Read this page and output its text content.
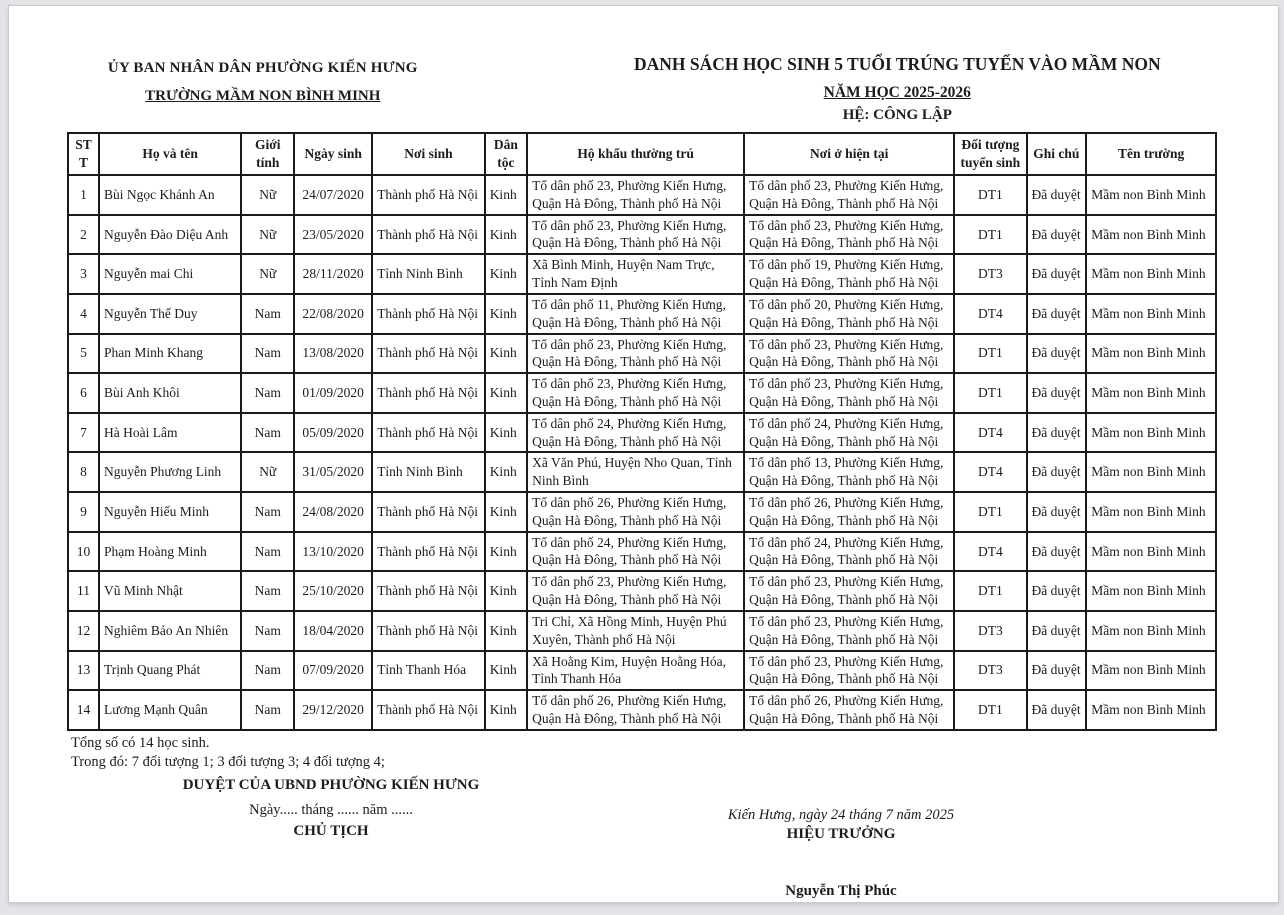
ỦY BAN NHÂN DÂN PHƯỜNG KIẾN HƯNG
TRƯỜNG MẦM NON BÌNH MINH
DANH SÁCH HỌC SINH 5 TUỔI TRÚNG TUYỂN VÀO MẦM NON
NĂM HỌC 2025-2026
HỆ: CÔNG LẬP
STT	Họ và tên	Giới tính	Ngày sinh	Nơi sinh	Dân tộc	Hộ khẩu thường trú	Nơi ở hiện tại	Đối tượng tuyển sinh	Ghi chú	Tên trường
1	Bùi Ngọc Khánh An	Nữ	24/07/2020	Thành phố Hà Nội	Kinh	Tổ dân phố 23, Phường Kiến Hưng, Quận Hà Đông, Thành phố Hà Nội	Tổ dân phố 23, Phường Kiến Hưng, Quận Hà Đông, Thành phố Hà Nội	DT1	Đã duyệt	Mầm non Bình Minh
2	Nguyễn Đào Diệu Anh	Nữ	23/05/2020	Thành phố Hà Nội	Kinh	Tổ dân phố 23, Phường Kiến Hưng, Quận Hà Đông, Thành phố Hà Nội	Tổ dân phố 23, Phường Kiến Hưng, Quận Hà Đông, Thành phố Hà Nội	DT1	Đã duyệt	Mầm non Bình Minh
3	Nguyễn mai Chi	Nữ	28/11/2020	Tỉnh Ninh Bình	Kinh	Xã Bình Minh, Huyện Nam Trực, Tỉnh Nam Định	Tổ dân phố 19, Phường Kiến Hưng, Quận Hà Đông, Thành phố Hà Nội	DT3	Đã duyệt	Mầm non Bình Minh
4	Nguyễn Thế Duy	Nam	22/08/2020	Thành phố Hà Nội	Kinh	Tổ dân phố 11, Phường Kiến Hưng, Quận Hà Đông, Thành phố Hà Nội	Tổ dân phố 20, Phường Kiến Hưng, Quận Hà Đông, Thành phố Hà Nội	DT4	Đã duyệt	Mầm non Bình Minh
5	Phan Minh Khang	Nam	13/08/2020	Thành phố Hà Nội	Kinh	Tổ dân phố 23, Phường Kiến Hưng, Quận Hà Đông, Thành phố Hà Nội	Tổ dân phố 23, Phường Kiến Hưng, Quận Hà Đông, Thành phố Hà Nội	DT1	Đã duyệt	Mầm non Bình Minh
6	Bùi Anh Khôi	Nam	01/09/2020	Thành phố Hà Nội	Kinh	Tổ dân phố 23, Phường Kiến Hưng, Quận Hà Đông, Thành phố Hà Nội	Tổ dân phố 23, Phường Kiến Hưng, Quận Hà Đông, Thành phố Hà Nội	DT1	Đã duyệt	Mầm non Bình Minh
7	Hà Hoài Lâm	Nam	05/09/2020	Thành phố Hà Nội	Kinh	Tổ dân phố 24, Phường Kiến Hưng, Quận Hà Đông, Thành phố Hà Nội	Tổ dân phố 24, Phường Kiến Hưng, Quận Hà Đông, Thành phố Hà Nội	DT4	Đã duyệt	Mầm non Bình Minh
8	Nguyễn Phương Linh	Nữ	31/05/2020	Tỉnh Ninh Bình	Kinh	Xã Văn Phú, Huyện Nho Quan, Tỉnh Ninh Bình	Tổ dân phố 13, Phường Kiến Hưng, Quận Hà Đông, Thành phố Hà Nội	DT4	Đã duyệt	Mầm non Bình Minh
9	Nguyễn Hiếu Minh	Nam	24/08/2020	Thành phố Hà Nội	Kinh	Tổ dân phố 26, Phường Kiến Hưng, Quận Hà Đông, Thành phố Hà Nội	Tổ dân phố 26, Phường Kiến Hưng, Quận Hà Đông, Thành phố Hà Nội	DT1	Đã duyệt	Mầm non Bình Minh
10	Phạm Hoàng Minh	Nam	13/10/2020	Thành phố Hà Nội	Kinh	Tổ dân phố 24, Phường Kiến Hưng, Quận Hà Đông, Thành phố Hà Nội	Tổ dân phố 24, Phường Kiến Hưng, Quận Hà Đông, Thành phố Hà Nội	DT4	Đã duyệt	Mầm non Bình Minh
11	Vũ Minh Nhật	Nam	25/10/2020	Thành phố Hà Nội	Kinh	Tổ dân phố 23, Phường Kiến Hưng, Quận Hà Đông, Thành phố Hà Nội	Tổ dân phố 23, Phường Kiến Hưng, Quận Hà Đông, Thành phố Hà Nội	DT1	Đã duyệt	Mầm non Bình Minh
12	Nghiêm Bảo An Nhiên	Nam	18/04/2020	Thành phố Hà Nội	Kinh	Tri Chỉ, Xã Hồng Minh, Huyện Phú Xuyên, Thành phố Hà Nội	Tổ dân phố 23, Phường Kiến Hưng, Quận Hà Đông, Thành phố Hà Nội	DT3	Đã duyệt	Mầm non Bình Minh
13	Trịnh Quang Phát	Nam	07/09/2020	Tỉnh Thanh Hóa	Kinh	Xã Hoằng Kim, Huyện Hoằng Hóa, Tỉnh Thanh Hóa	Tổ dân phố 23, Phường Kiến Hưng, Quận Hà Đông, Thành phố Hà Nội	DT3	Đã duyệt	Mầm non Bình Minh
14	Lương Mạnh Quân	Nam	29/12/2020	Thành phố Hà Nội	Kinh	Tổ dân phố 26, Phường Kiến Hưng, Quận Hà Đông, Thành phố Hà Nội	Tổ dân phố 26, Phường Kiến Hưng, Quận Hà Đông, Thành phố Hà Nội	DT1	Đã duyệt	Mầm non Bình Minh
Tổng số có 14 học sinh.
Trong đó: 7 đối tượng 1; 3 đối tượng 3; 4 đối tượng 4;
DUYỆT CỦA UBND PHƯỜNG KIẾN HƯNG
Ngày..... tháng ...... năm ......
CHỦ TỊCH
Kiến Hưng, ngày 24 tháng 7 năm 2025
HIỆU TRƯỞNG
Nguyễn Thị Phúc
